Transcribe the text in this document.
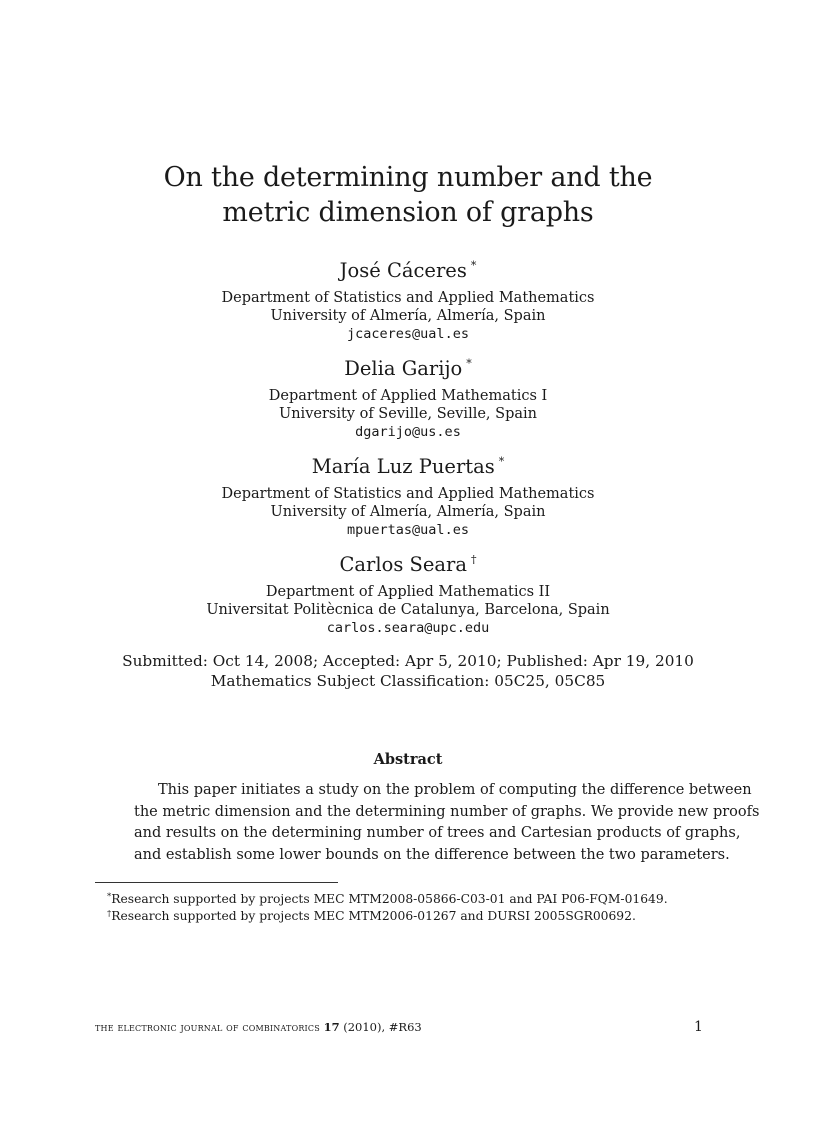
On the determining number and the
metric dimension of graphs
José Cáceres *
Department of Statistics and Applied Mathematics
University of Almería, Almería, Spain
jcaceres@ual.es
Delia Garijo *
Department of Applied Mathematics I
University of Seville, Seville, Spain
dgarijo@us.es
María Luz Puertas *
Department of Statistics and Applied Mathematics
University of Almería, Almería, Spain
mpuertas@ual.es
Carlos Seara †
Department of Applied Mathematics II
Universitat Politècnica de Catalunya, Barcelona, Spain
carlos.seara@upc.edu
Submitted: Oct 14, 2008; Accepted: Apr 5, 2010; Published: Apr 19, 2010
Mathematics Subject Classification: 05C25, 05C85
Abstract
This paper initiates a study on the problem of computing the difference between
the metric dimension and the determining number of graphs. We provide new proofs
and results on the determining number of trees and Cartesian products of graphs,
and establish some lower bounds on the difference between the two parameters.
*Research supported by projects MEC MTM2008-05866-C03-01 and PAI P06-FQM-01649.
†Research supported by projects MEC MTM2006-01267 and DURSI 2005SGR00692.
the electronic journal of combinatorics 17 (2010), #R63	1
